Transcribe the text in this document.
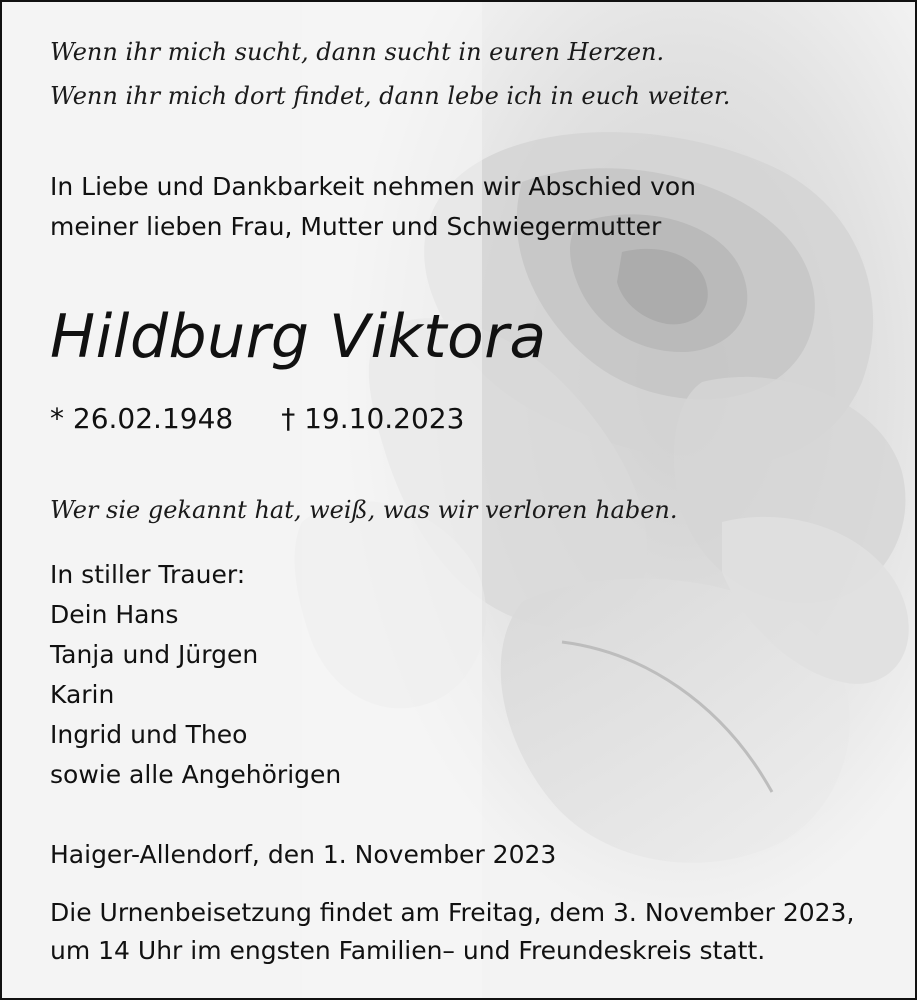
Wenn ihr mich sucht, dann sucht in euren Herzen.
Wenn ihr mich dort findet, dann lebe ich in euch weiter.
In Liebe und Dankbarkeit nehmen wir Abschied von
meiner lieben Frau, Mutter und Schwiegermutter
Hildburg Viktora
* 26.02.1948 † 19.10.2023
Wer sie gekannt hat, weiß, was wir verloren haben.
In stiller Trauer:
Dein Hans
Tanja und Jürgen
Karin
Ingrid und Theo
sowie alle Angehörigen
Haiger-Allendorf, den 1. November 2023
Die Urnenbeisetzung findet am Freitag, dem 3. November 2023,
um 14 Uhr im engsten Familien– und Freundeskreis statt.
